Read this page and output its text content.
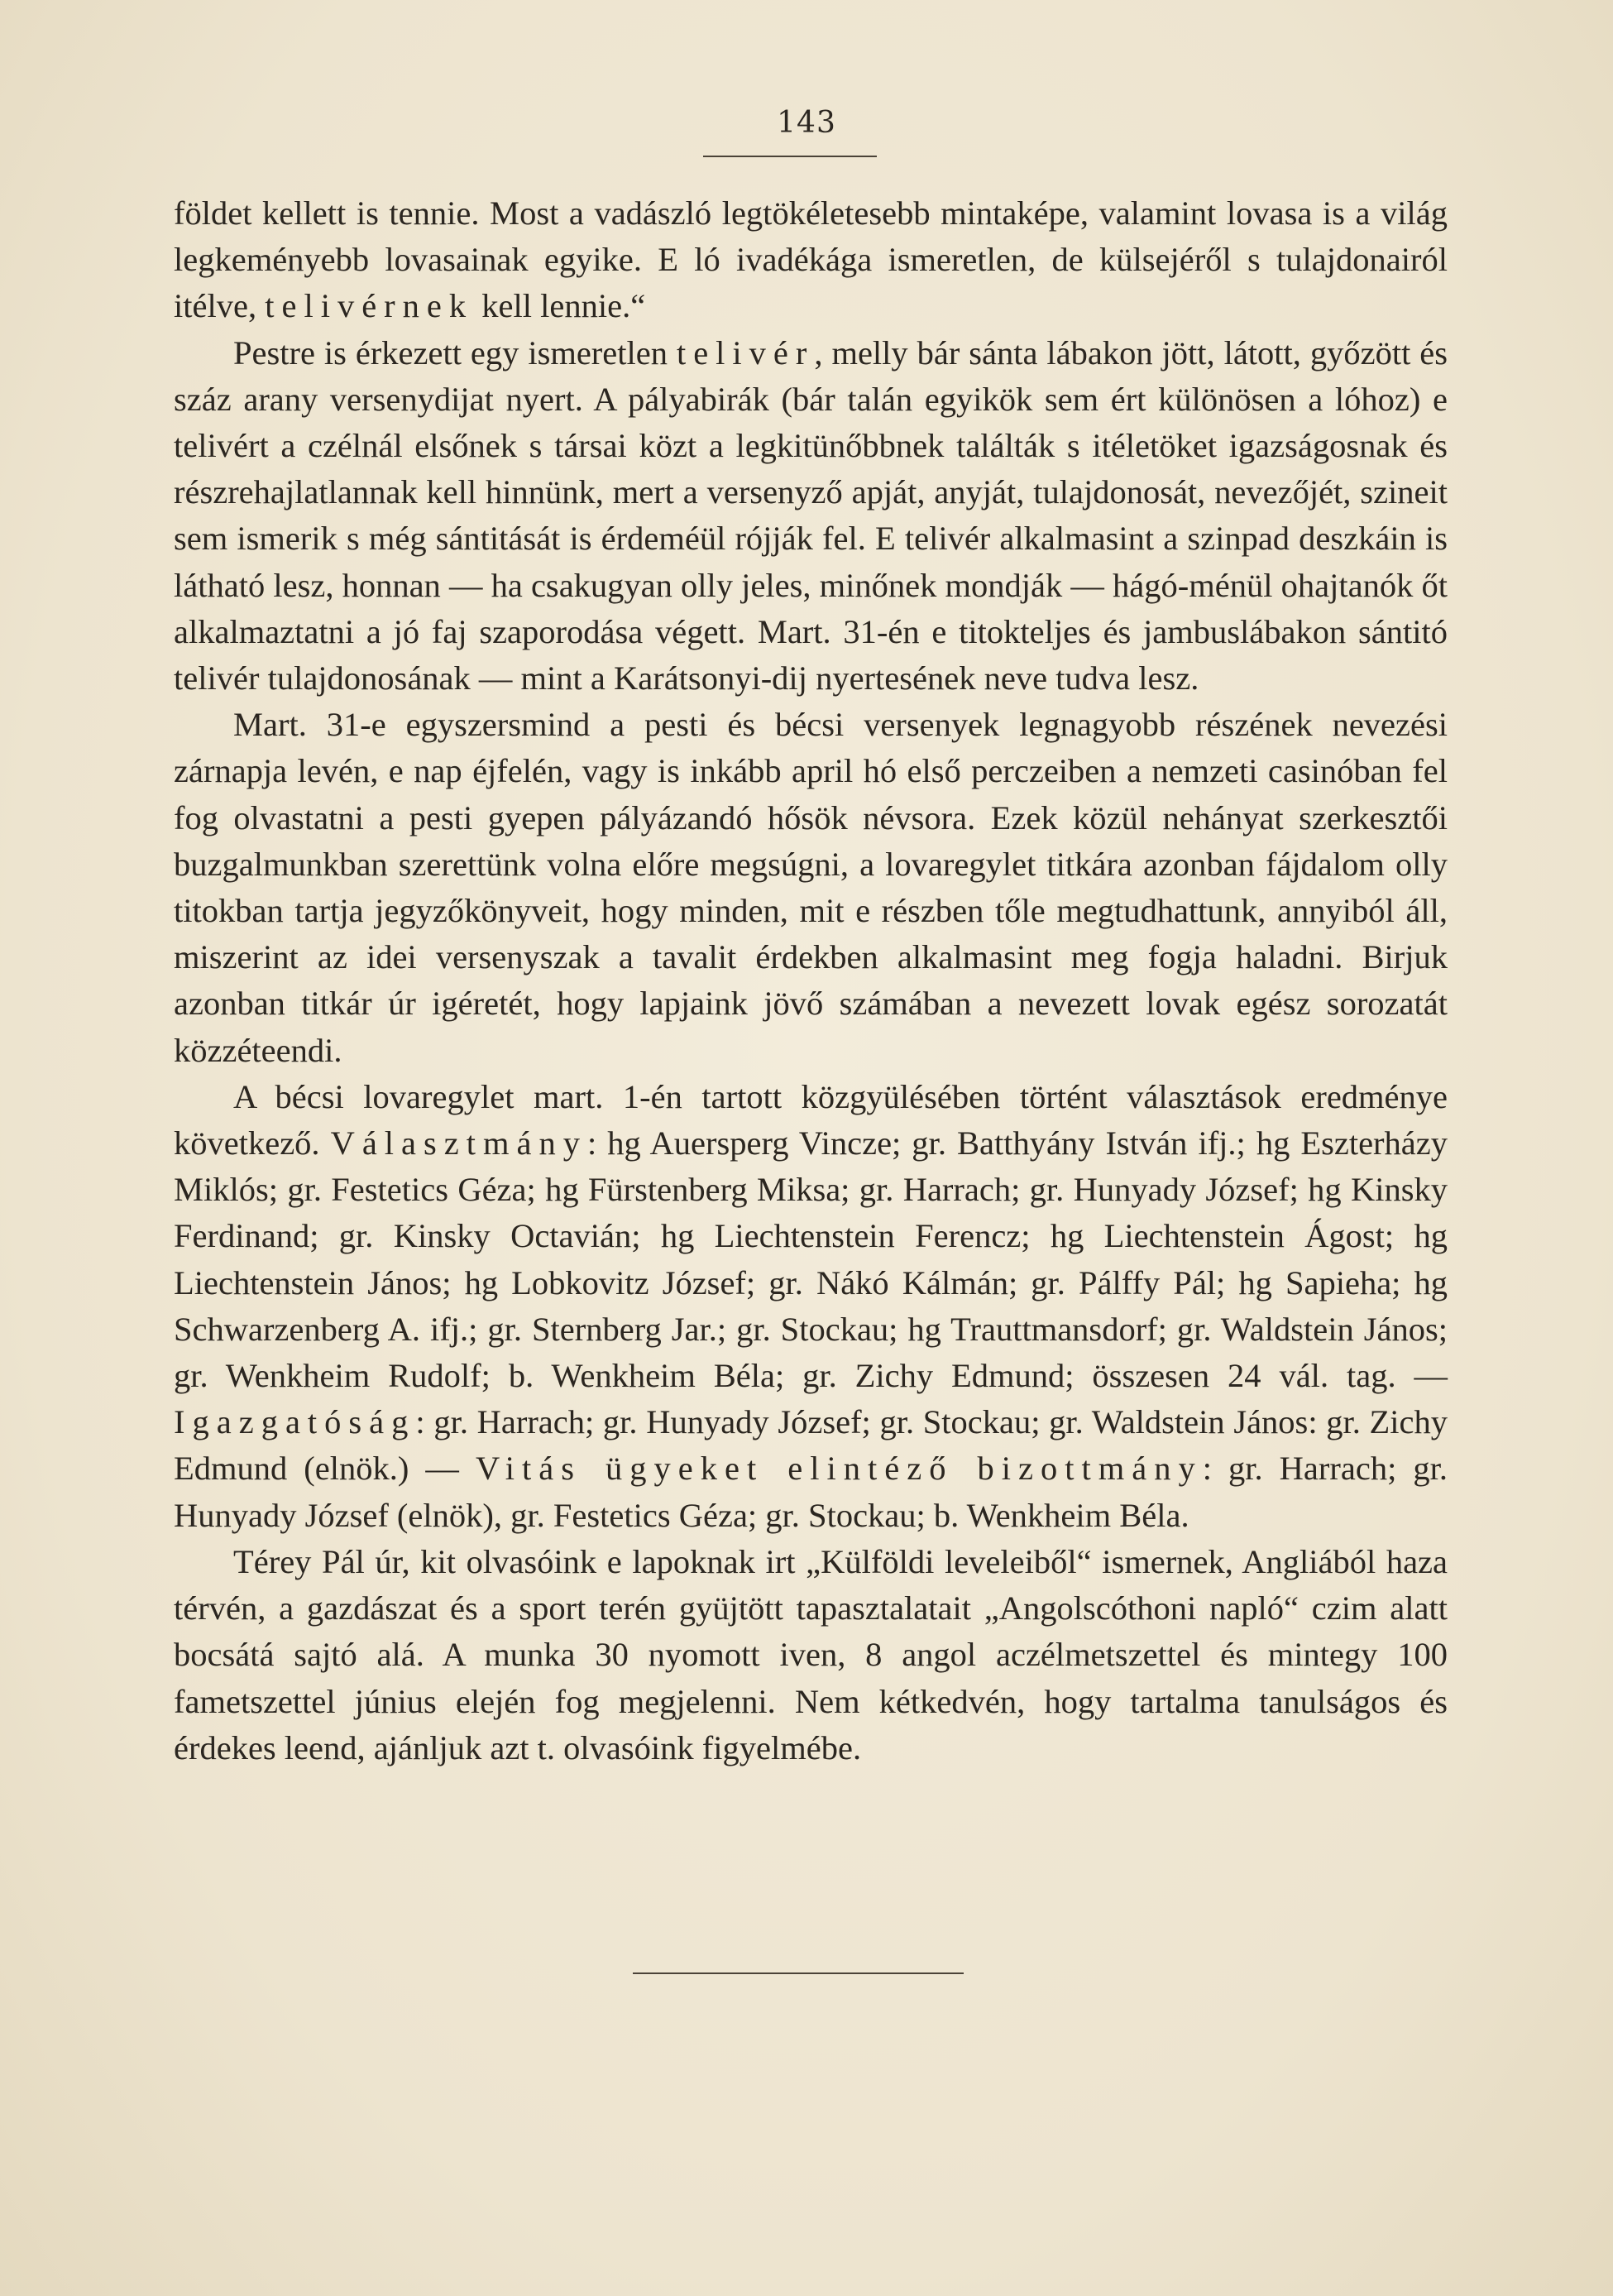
143

földet kellett is tennie. Most a vadászló legtökéletesebb mintaképe, valamint lovasa is a világ legkeményebb lovasainak egyike. E ló ivadékága ismeretlen, de külsejéről s tulajdonairól itélve, telivérnek kell lennie.“

Pestre is érkezett egy ismeretlen telivér, melly bár sánta lábakon jött, látott, győzött és száz arany versenydijat nyert. A pályabirák (bár talán egyikök sem ért különösen a lóhoz) e telivért a czélnál elsőnek s társai közt a legkitünőbbnek találták s itéletöket igazságosnak és részrehajlatlannak kell hinnünk, mert a versenyző apját, anyját, tulajdonosát, nevezőjét, szineit sem ismerik s még sántitását is érdeméül rójják fel. E telivér alkalmasint a szinpad deszkáin is látható lesz, honnan — ha csakugyan olly jeles, minőnek mondják — hágó-ménül ohajtanók őt alkalmaztatni a jó faj szaporodása végett. Mart. 31-én e titokteljes és jambuslábakon sántitó telivér tulajdonosának — mint a Karátsonyi-dij nyertesének neve tudva lesz.

Mart. 31-e egyszersmind a pesti és bécsi versenyek legnagyobb részének nevezési zárnapja levén, e nap éjfelén, vagy is inkább april hó első perczeiben a nemzeti casinóban fel fog olvastatni a pesti gyepen pályázandó hősök névsora. Ezek közül nehányat szerkesztői buzgalmunkban szerettünk volna előre megsúgni, a lovaregylet titkára azonban fájdalom olly titokban tartja jegyzőkönyveit, hogy minden, mit e részben tőle megtudhattunk, annyiból áll, miszerint az idei versenyszak a tavalit érdekben alkalmasint meg fogja haladni. Birjuk azonban titkár úr igéretét, hogy lapjaink jövő számában a nevezett lovak egész sorozatát közzéteendi.

A bécsi lovaregylet mart. 1-én tartott közgyülésében történt választások eredménye következő. Választmány: hg Auersperg Vincze; gr. Batthyány István ifj.; hg Eszterházy Miklós; gr. Festetics Géza; hg Fürstenberg Miksa; gr. Harrach; gr. Hunyady József; hg Kinsky Ferdinand; gr. Kinsky Octavián; hg Liechtenstein Ferencz; hg Liechtenstein Ágost; hg Liechtenstein János; hg Lobkovitz József; gr. Nákó Kálmán; gr. Pálffy Pál; hg Sapieha; hg Schwarzenberg A. ifj.; gr. Sternberg Jar.; gr. Stockau; hg Trauttmansdorf; gr. Waldstein János; gr. Wenkheim Rudolf; b. Wenkheim Béla; gr. Zichy Edmund; összesen 24 vál. tag. — Igazgatóság: gr. Harrach; gr. Hunyady József; gr. Stockau; gr. Waldstein János: gr. Zichy Edmund (elnök.) — Vitás ügyeket elintéző bizottmány: gr. Harrach; gr. Hunyady József (elnök), gr. Festetics Géza; gr. Stockau; b. Wenkheim Béla.

Térey Pál úr, kit olvasóink e lapoknak irt „Külföldi leveleiből“ ismernek, Angliából haza térvén, a gazdászat és a sport terén gyüjtött tapasztalatait „Angolscóthoni napló“ czim alatt bocsátá sajtó alá. A munka 30 nyomott iven, 8 angol aczélmetszettel és mintegy 100 fametszettel június elején fog megjelenni. Nem kétkedvén, hogy tartalma tanulságos és érdekes leend, ajánljuk azt t. olvasóink figyelmébe.
